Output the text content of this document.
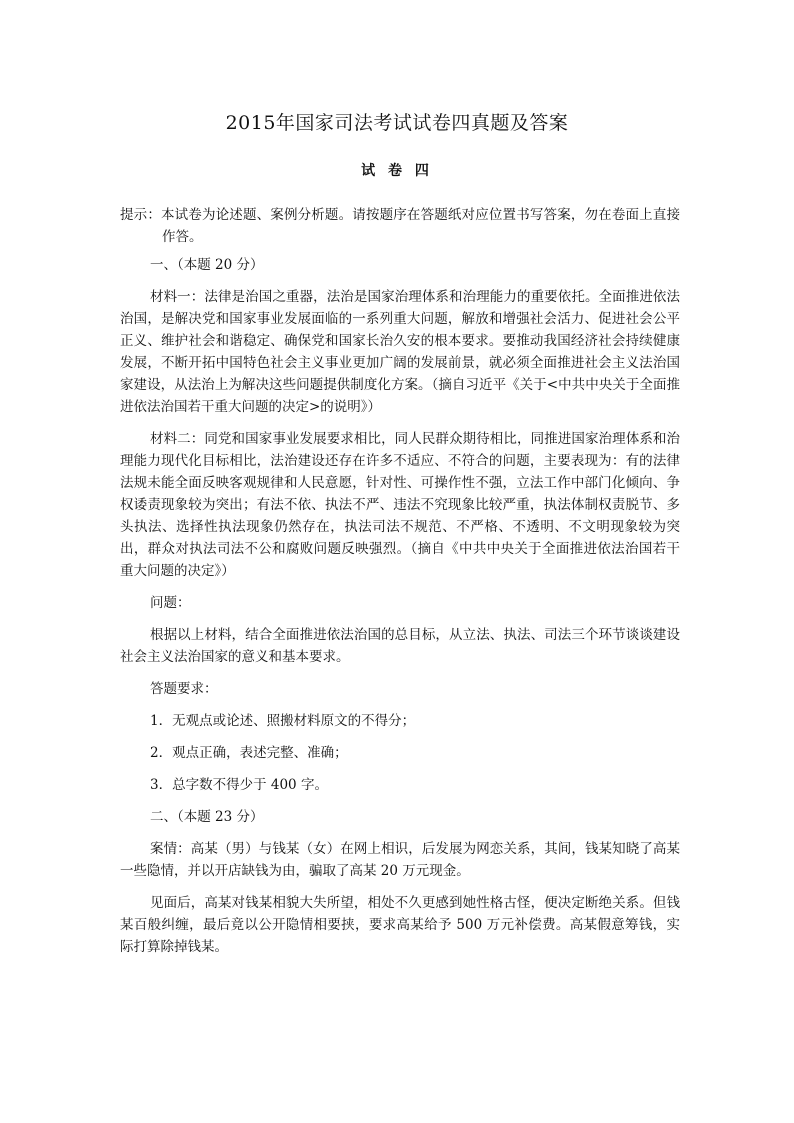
2015年国家司法考试试卷四真题及答案
试 卷 四

提示：本试卷为论述题、案例分析题。请按题序在答题纸对应位置书写答案，勿在卷面上直接作答。

一、（本题 20 分）

材料一：法律是治国之重器，法治是国家治理体系和治理能力的重要依托。全面推进依法治国，是解决党和国家事业发展面临的一系列重大问题，解放和增强社会活力、促进社会公平正义、维护社会和谐稳定、确保党和国家长治久安的根本要求。要推动我国经济社会持续健康发展，不断开拓中国特色社会主义事业更加广阔的发展前景，就必须全面推进社会主义法治国家建设，从法治上为解决这些问题提供制度化方案。（摘自习近平《关于<中共中央关于全面推进依法治国若干重大问题的决定>的说明》）

材料二：同党和国家事业发展要求相比，同人民群众期待相比，同推进国家治理体系和治理能力现代化目标相比，法治建设还存在许多不适应、不符合的问题，主要表现为：有的法律法规未能全面反映客观规律和人民意愿，针对性、可操作性不强，立法工作中部门化倾向、争权诿责现象较为突出；有法不依、执法不严、违法不究现象比较严重，执法体制权责脱节、多头执法、选择性执法现象仍然存在，执法司法不规范、不严格、不透明、不文明现象较为突出，群众对执法司法不公和腐败问题反映强烈。（摘自《中共中央关于全面推进依法治国若干重大问题的决定》）

问题：

根据以上材料，结合全面推进依法治国的总目标，从立法、执法、司法三个环节谈谈建设社会主义法治国家的意义和基本要求。

答题要求：

1．无观点或论述、照搬材料原文的不得分；

2．观点正确，表述完整、准确；

3．总字数不得少于 400 字。

二、（本题 23 分）

案情：高某（男）与钱某（女）在网上相识，后发展为网恋关系，其间，钱某知晓了高某一些隐情，并以开店缺钱为由，骗取了高某 20 万元现金。

见面后，高某对钱某相貌大失所望，相处不久更感到她性格古怪，便决定断绝关系。但钱某百般纠缠，最后竟以公开隐情相要挟，要求高某给予 500 万元补偿费。高某假意筹钱，实际打算除掉钱某。
